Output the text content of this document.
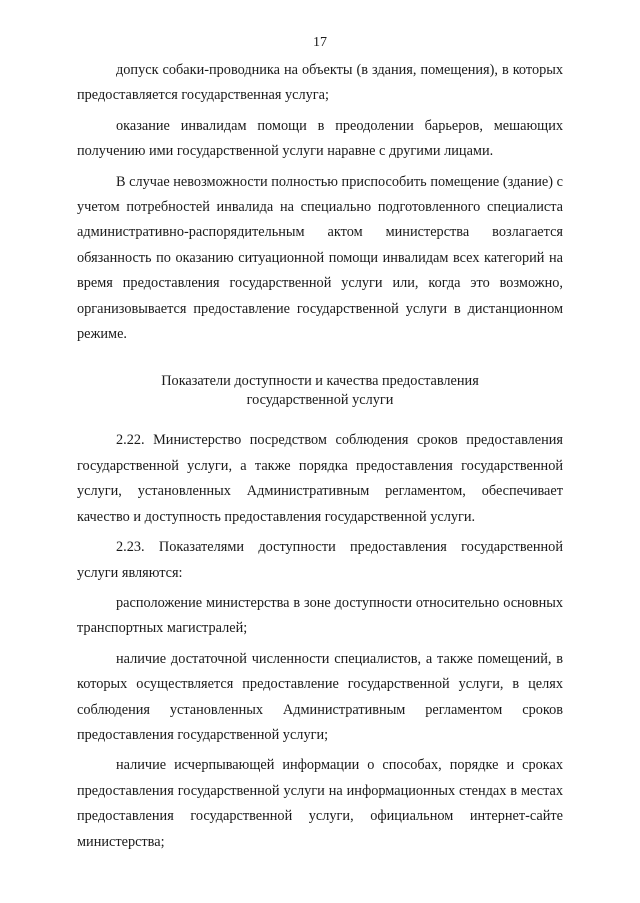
17

допуск собаки-проводника на объекты (в здания, помещения), в которых предоставляется государственная услуга;

оказание инвалидам помощи в преодолении барьеров, мешающих получению ими государственной услуги наравне с другими лицами.

В случае невозможности полностью приспособить помещение (здание) с учетом потребностей инвалида на специально подготовленного специалиста административно-распорядительным актом министерства возлагается обязанность по оказанию ситуационной помощи инвалидам всех категорий на время предоставления государственной услуги или, когда это возможно, организовывается предоставление государственной услуги в дистанционном режиме.

Показатели доступности и качества предоставления
государственной услуги

2.22. Министерство посредством соблюдения сроков предоставления государственной услуги, а также порядка предоставления государственной услуги, установленных Административным регламентом, обеспечивает качество и доступность предоставления государственной услуги.

2.23. Показателями доступности предоставления государственной услуги являются:

расположение министерства в зоне доступности относительно основных транспортных магистралей;

наличие достаточной численности специалистов, а также помещений, в которых осуществляется предоставление государственной услуги, в целях соблюдения установленных Административным регламентом сроков предоставления государственной услуги;

наличие исчерпывающей информации о способах, порядке и сроках предоставления государственной услуги на информационных стендах в местах предоставления государственной услуги, официальном интернет-сайте министерства;
